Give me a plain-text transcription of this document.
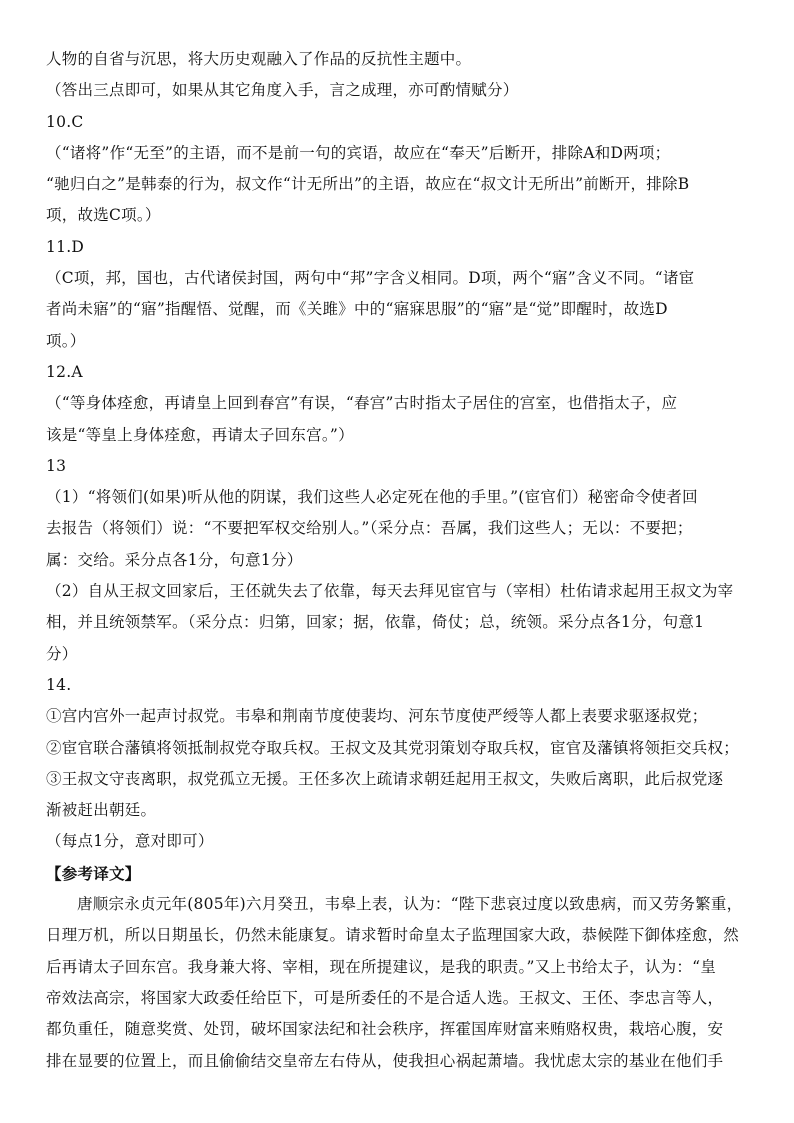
人物的自省与沉思，将大历史观融入了作品的反抗性主题中。
（答出三点即可，如果从其它角度入手，言之成理，亦可酌情赋分）
10.C
（“诸将”作“无至”的主语，而不是前一句的宾语，故应在“奉天”后断开，排除A和D两项；
“驰归白之”是韩泰的行为，叔文作“计无所出”的主语，故应在“叔文计无所出”前断开，排除B
项，故选C项。）
11.D
（C项，邦，国也，古代诸侯封国，两句中“邦”字含义相同。D项，两个“寤”含义不同。“诸宦
者尚未寤”的“寤”指醒悟、觉醒，而《关雎》中的“寤寐思服”的“寤”是“觉”即醒时，故选D
项。）
12.A
（“等身体痊愈，再请皇上回到春宫”有误，“春宫”古时指太子居住的宫室，也借指太子，应
该是“等皇上身体痊愈，再请太子回东宫。”）
13
（1）“将领们(如果)听从他的阴谋，我们这些人必定死在他的手里。”(宦官们）秘密命令使者回
去报告（将领们）说：“不要把军权交给别人。”（采分点：吾属，我们这些人；无以：不要把；
属：交给。采分点各1分，句意1分）
（2）自从王叔文回家后，王伾就失去了依靠，每天去拜见宦官与（宰相）杜佑请求起用王叔文为宰
相，并且统领禁军。（采分点：归第，回家；据，依靠，倚仗；总，统领。采分点各1分，句意1
分）
14.
①宫内宫外一起声讨叔党。韦皋和荆南节度使裴均、河东节度使严绶等人都上表要求驱逐叔党；
②宦官联合藩镇将领抵制叔党夺取兵权。王叔文及其党羽策划夺取兵权，宦官及藩镇将领拒交兵权；
③王叔文守丧离职，叔党孤立无援。王伾多次上疏请求朝廷起用王叔文，失败后离职，此后叔党逐
渐被赶出朝廷。
（每点1分，意对即可）
【参考译文】
唐顺宗永贞元年(805年)六月癸丑，韦皋上表，认为：“陛下悲哀过度以致患病，而又劳务繁重，
日理万机，所以日期虽长，仍然未能康复。请求暂时命皇太子监理国家大政，恭候陛下御体痊愈，然
后再请太子回东宫。我身兼大将、宰相，现在所提建议，是我的职责。”又上书给太子，认为：“皇
帝效法高宗，将国家大政委任给臣下，可是所委任的不是合适人选。王叔文、王伾、李忠言等人，
都负重任，随意奖赏、处罚，破坏国家法纪和社会秩序，挥霍国库财富来贿赂权贵，栽培心腹，安
排在显要的位置上，而且偷偷结交皇帝左右侍从，使我担心祸起萧墙。我忧虑太宗的基业在他们手
